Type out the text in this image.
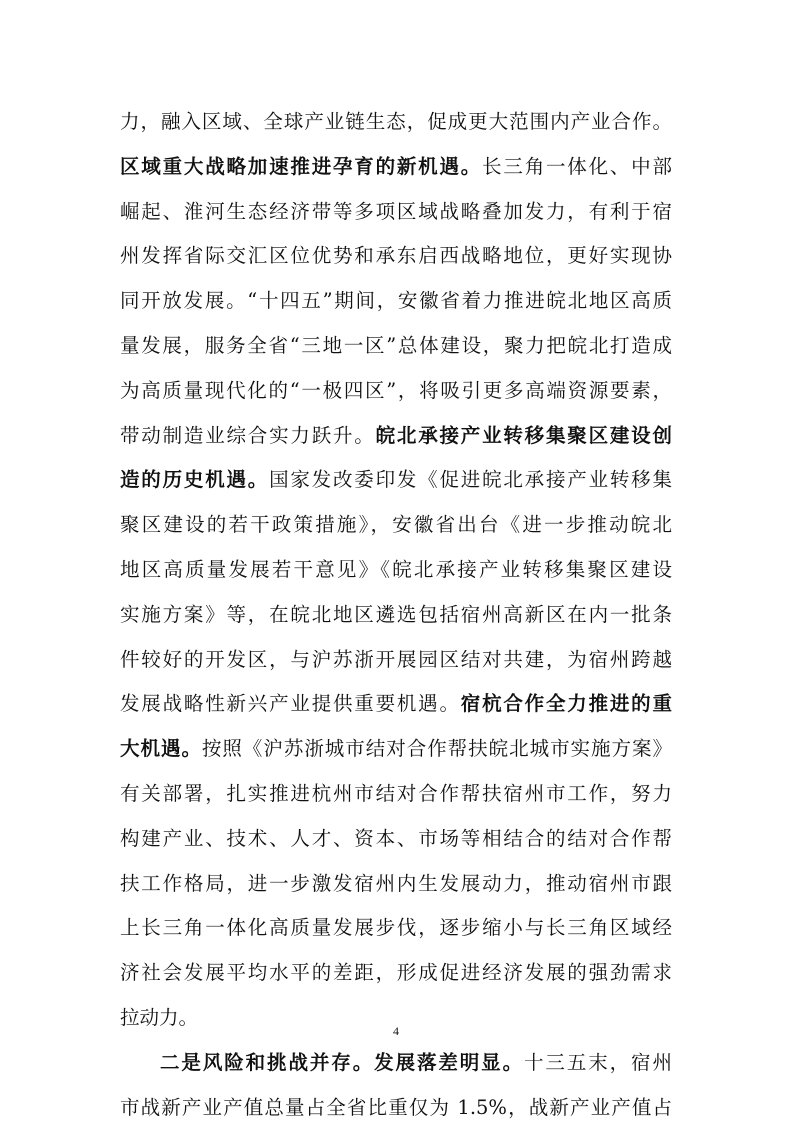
力，融入区域、全球产业链生态，促成更大范围内产业合作。
区域重大战略加速推进孕育的新机遇。长三角一体化、中部
崛起、淮河生态经济带等多项区域战略叠加发力，有利于宿
州发挥省际交汇区位优势和承东启西战略地位，更好实现协
同开放发展。“十四五”期间，安徽省着力推进皖北地区高质
量发展，服务全省“三地一区”总体建设，聚力把皖北打造成
为高质量现代化的“一极四区”，将吸引更多高端资源要素，
带动制造业综合实力跃升。皖北承接产业转移集聚区建设创
造的历史机遇。国家发改委印发《促进皖北承接产业转移集
聚区建设的若干政策措施》，安徽省出台《进一步推动皖北
地区高质量发展若干意见》《皖北承接产业转移集聚区建设
实施方案》等，在皖北地区遴选包括宿州高新区在内一批条
件较好的开发区，与沪苏浙开展园区结对共建，为宿州跨越
发展战略性新兴产业提供重要机遇。宿杭合作全力推进的重
大机遇。按照《沪苏浙城市结对合作帮扶皖北城市实施方案》
有关部署，扎实推进杭州市结对合作帮扶宿州市工作，努力
构建产业、技术、人才、资本、市场等相结合的结对合作帮
扶工作格局，进一步激发宿州内生发展动力，推动宿州市跟
上长三角一体化高质量发展步伐，逐步缩小与长三角区域经
济社会发展平均水平的差距，形成促进经济发展的强劲需求
拉动力。
二是风险和挑战并存。发展落差明显。十三五末，宿州
市战新产业产值总量占全省比重仅为 1.5%，战新产业产值占
4
